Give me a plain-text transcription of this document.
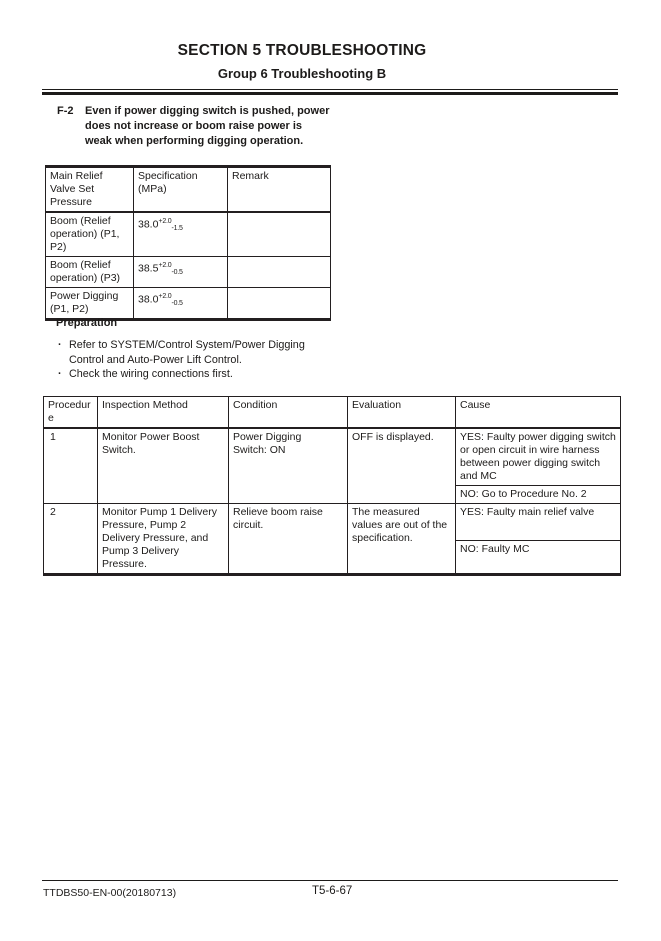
SECTION 5 TROUBLESHOOTING
Group 6 Troubleshooting B
F-2	Even if power digging switch is pushed, power
does not increase or boom raise power is
weak when performing digging operation.
Main Relief Valve Set Pressure	Specification (MPa)	Remark
Boom (Relief operation) (P1, P2)	$38.0^{+2.0}_{-1.5}$	
Boom (Relief operation) (P3)	$38.5^{+2.0}_{-0.5}$	
Power Digging (P1, P2)	$38.0^{+2.0}_{-0.5}$	
Preparation
·
Refer to SYSTEM/Control System/Power Digging Control and Auto-Power Lift Control.
·
Check the wiring connections first.
Procedure	Inspection Method	Condition	Evaluation	Cause
1	Monitor Power Boost Switch.	Power Digging Switch: ON	OFF is displayed.	YES: Faulty power digging switch or open circuit in wire harness between power digging switch and MC
				NO: Go to Procedure No. 2
2	Monitor Pump 1 Delivery Pressure, Pump 2 Delivery Pressure, and Pump 3 Delivery Pressure.	Relieve boom raise circuit.	The measured values are out of the specification.	YES: Faulty main relief valve
				NO: Faulty MC
TTDBS50-EN-00(20180713)	T5-6-67
